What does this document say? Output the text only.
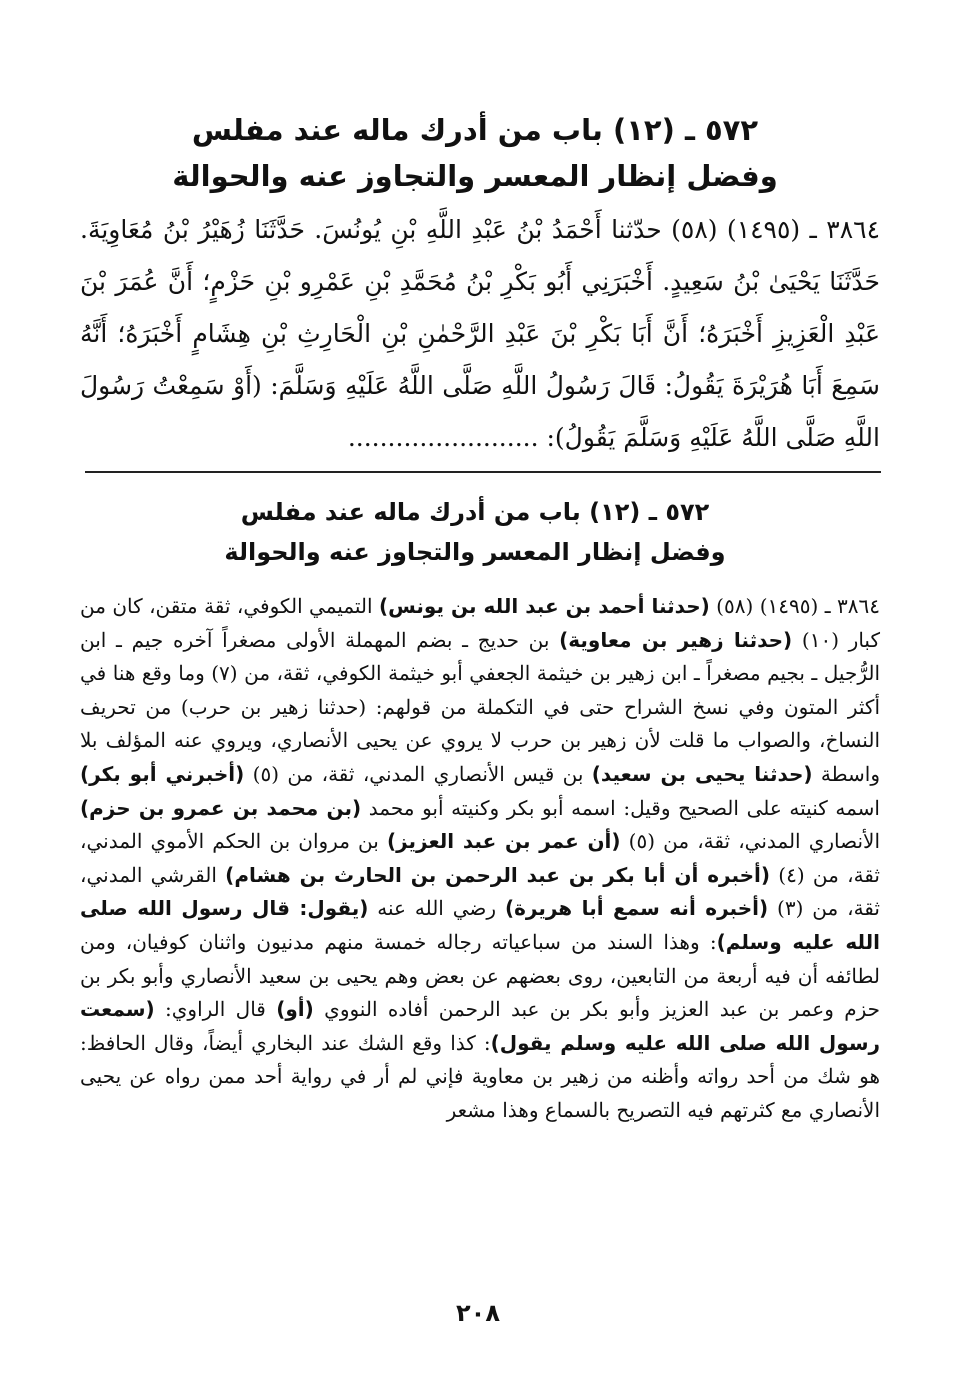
٥٧٢ ـ (١٢) باب من أدرك ماله عند مفلس
وفضل إنظار المعسر والتجاوز عنه والحوالة

٣٨٦٤ ـ (١٤٩٥) (٥٨) حدّثنا أَحْمَدُ بْنُ عَبْدِ اللَّهِ بْنِ يُونُسَ. حَدَّثَنَا زُهَيْرُ بْنُ مُعَاوِيَةَ. حَدَّثَنَا يَحْيَىٰ بْنُ سَعِيدٍ. أَخْبَرَنِي أَبُو بَكْرِ بْنُ مُحَمَّدِ بْنِ عَمْرِو بْنِ حَزْمٍ؛ أَنَّ عُمَرَ بْنَ عَبْدِ الْعَزِيزِ أَخْبَرَهُ؛ أَنَّ أَبَا بَكْرِ بْنَ عَبْدِ الرَّحْمٰنِ بْنِ الْحَارِثِ بْنِ هِشَامٍ أَخْبَرَهُ؛ أَنَّهُ سَمِعَ أَبَا هُرَيْرَةَ يَقُولُ: قَالَ رَسُولُ اللَّهِ صَلَّى اللَّهُ عَلَيْهِ وَسَلَّمَ: (أَوْ سَمِعْتُ رَسُولَ اللَّهِ صَلَّى اللَّهُ عَلَيْهِ وَسَلَّمَ يَقُولُ): ........................

٥٧٢ ـ (١٢) باب من أدرك ماله عند مفلس
وفضل إنظار المعسر والتجاوز عنه والحوالة

٣٨٦٤ ـ (١٤٩٥) (٥٨) (حدثنا أحمد بن عبد الله بن يونس) التميمي الكوفي، ثقة متقن، كان من كبار (١٠) (حدثنا زهير بن معاوية) بن حديج ـ بضم المهملة الأولى مصغراً آخره جيم ـ ابن الرُّجيل ـ بجيم مصغراً ـ ابن زهير بن خيثمة الجعفي أبو خيثمة الكوفي، ثقة، من (٧) وما وقع هنا في أكثر المتون وفي نسخ الشراح حتى في التكملة من قولهم: (حدثنا زهير بن حرب) من تحريف النساخ، والصواب ما قلت لأن زهير بن حرب لا يروي عن يحيى الأنصاري، ويروي عنه المؤلف بلا واسطة (حدثنا يحيى بن سعيد) بن قيس الأنصاري المدني، ثقة، من (٥) (أخبرني أبو بكر) اسمه كنيته على الصحيح وقيل: اسمه أبو بكر وكنيته أبو محمد (بن محمد بن عمرو بن حزم) الأنصاري المدني، ثقة، من (٥) (أن عمر بن عبد العزيز) بن مروان بن الحكم الأموي المدني، ثقة، من (٤) (أخبره أن أبا بكر بن عبد الرحمن بن الحارث بن هشام) القرشي المدني، ثقة، من (٣) (أخبره أنه سمع أبا هريرة) رضي الله عنه (يقول: قال رسول الله صلى الله عليه وسلم): وهذا السند من سباعياته رجاله خمسة منهم مدنيون واثنان كوفيان، ومن لطائفه أن فيه أربعة من التابعين، روى بعضهم عن بعض وهم يحيى بن سعيد الأنصاري وأبو بكر بن حزم وعمر بن عبد العزيز وأبو بكر بن عبد الرحمن أفاده النووي (أو) قال الراوي: (سمعت رسول الله صلى الله عليه وسلم يقول): كذا وقع الشك عند البخاري أيضاً، وقال الحافظ: هو شك من أحد رواته وأظنه من زهير بن معاوية فإني لم أر في رواية أحد ممن رواه عن يحيى الأنصاري مع كثرتهم فيه التصريح بالسماع وهذا مشعر

٢٠٨
